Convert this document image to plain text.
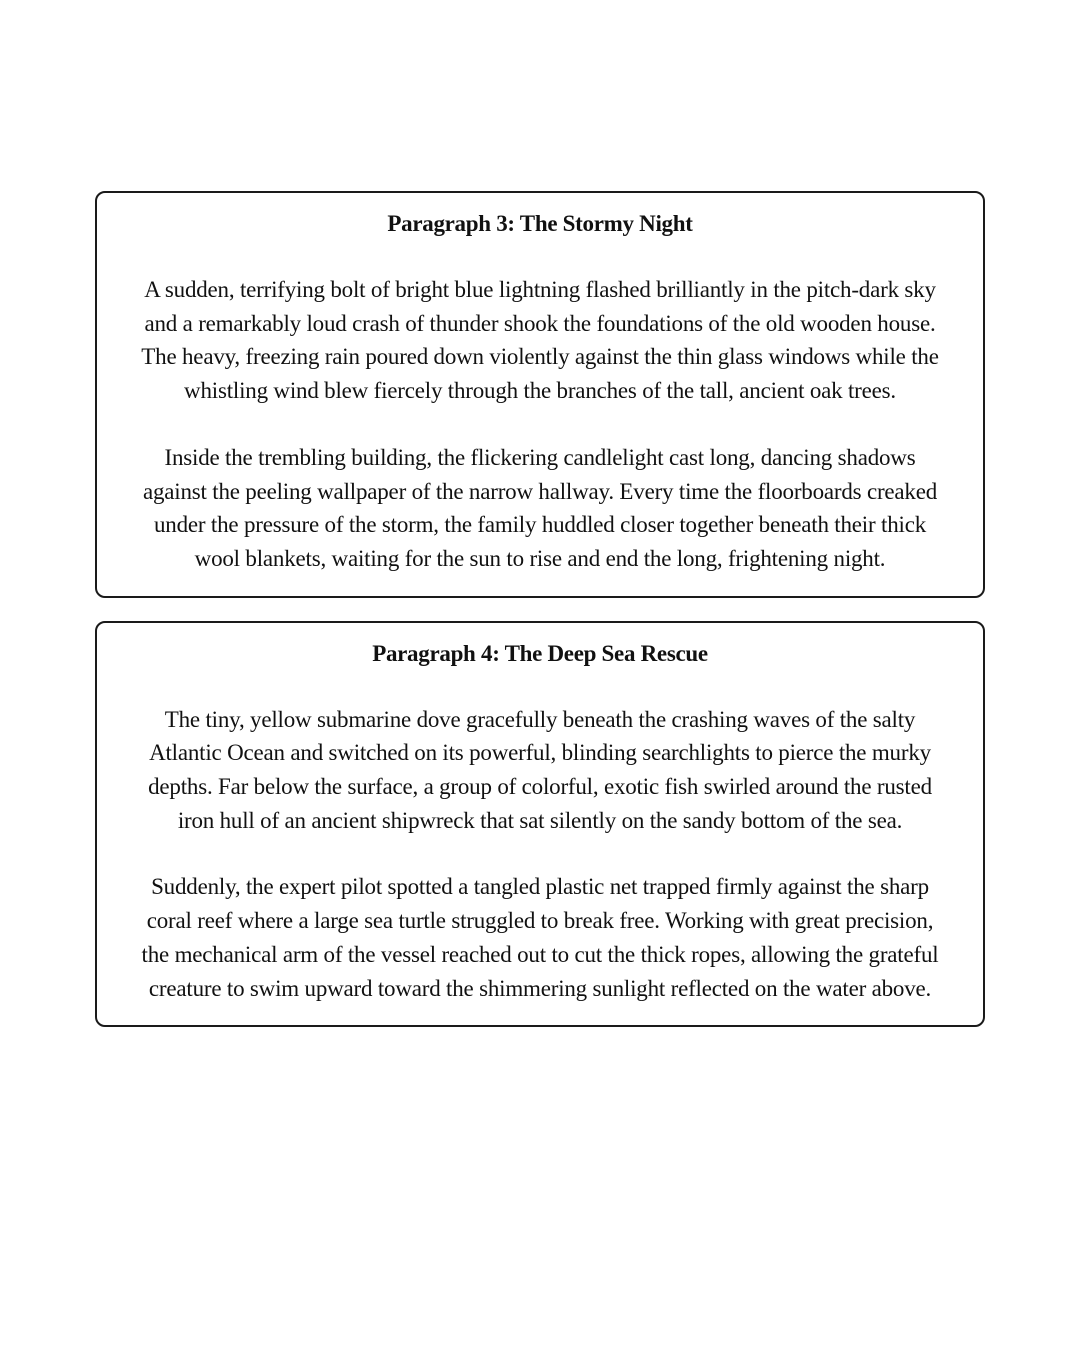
Paragraph 3: The Stormy Night

A sudden, terrifying bolt of bright blue lightning flashed brilliantly in the pitch-dark sky and a remarkably loud crash of thunder shook the foundations of the old wooden house. The heavy, freezing rain poured down violently against the thin glass windows while the whistling wind blew fiercely through the branches of the tall, ancient oak trees.

Inside the trembling building, the flickering candlelight cast long, dancing shadows against the peeling wallpaper of the narrow hallway. Every time the floorboards creaked under the pressure of the storm, the family huddled closer together beneath their thick wool blankets, waiting for the sun to rise and end the long, frightening night.

Paragraph 4: The Deep Sea Rescue

The tiny, yellow submarine dove gracefully beneath the crashing waves of the salty Atlantic Ocean and switched on its powerful, blinding searchlights to pierce the murky depths. Far below the surface, a group of colorful, exotic fish swirled around the rusted iron hull of an ancient shipwreck that sat silently on the sandy bottom of the sea.

Suddenly, the expert pilot spotted a tangled plastic net trapped firmly against the sharp coral reef where a large sea turtle struggled to break free. Working with great precision, the mechanical arm of the vessel reached out to cut the thick ropes, allowing the grateful creature to swim upward toward the shimmering sunlight reflected on the water above.
